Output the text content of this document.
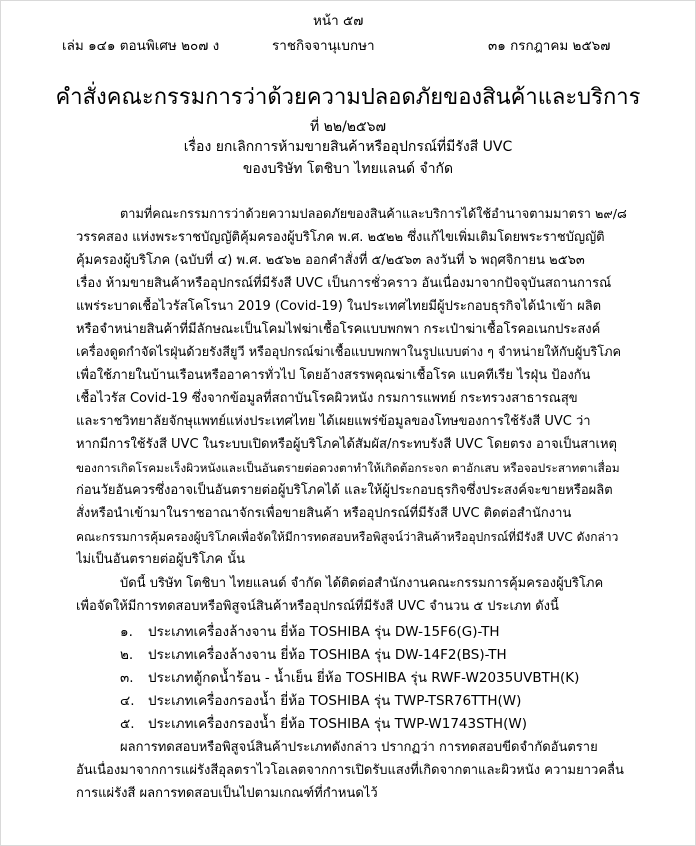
หน้า ๕๗
เล่ม ๑๔๑ ตอนพิเศษ ๒๐๗ ง	ราชกิจจานุเบกษา	๓๑ กรกฎาคม ๒๕๖๗
คำสั่งคณะกรรมการว่าด้วยความปลอดภัยของสินค้าและบริการ
ที่ ๒๒/๒๕๖๗
เรื่อง ยกเลิกการห้ามขายสินค้าหรืออุปกรณ์ที่มีรังสี UVC
ของบริษัท โตชิบา ไทยแลนด์ จำกัด
ตามที่คณะกรรมการว่าด้วยความปลอดภัยของสินค้าและบริการได้ใช้อำนาจตามมาตรา ๒๙/๘
วรรคสอง แห่งพระราชบัญญัติคุ้มครองผู้บริโภค พ.ศ. ๒๕๒๒ ซึ่งแก้ไขเพิ่มเติมโดยพระราชบัญญัติ
คุ้มครองผู้บริโภค (ฉบับที่ ๔) พ.ศ. ๒๕๖๒ ออกคำสั่งที่ ๕/๒๕๖๓ ลงวันที่ ๖ พฤศจิกายน ๒๕๖๓
เรื่อง ห้ามขายสินค้าหรืออุปกรณ์ที่มีรังสี UVC เป็นการชั่วคราว อันเนื่องมาจากปัจจุบันสถานการณ์
แพร่ระบาดเชื้อไวรัสโคโรนา 2019 (Covid-19) ในประเทศไทยมีผู้ประกอบธุรกิจได้นำเข้า ผลิต
หรือจำหน่ายสินค้าที่มีลักษณะเป็นโคมไฟฆ่าเชื้อโรคแบบพกพา กระเป๋าฆ่าเชื้อโรคอเนกประสงค์
เครื่องดูดกำจัดไรฝุ่นด้วยรังสียูวี หรืออุปกรณ์ฆ่าเชื้อแบบพกพาในรูปแบบต่าง ๆ จำหน่ายให้กับผู้บริโภค
เพื่อใช้ภายในบ้านเรือนหรืออาคารทั่วไป โดยอ้างสรรพคุณฆ่าเชื้อโรค แบคทีเรีย ไรฝุ่น ป้องกัน
เชื้อไวรัส Covid-19 ซึ่งจากข้อมูลที่สถาบันโรคผิวหนัง กรมการแพทย์ กระทรวงสาธารณสุข
และราชวิทยาลัยจักษุแพทย์แห่งประเทศไทย ได้เผยแพร่ข้อมูลของโทษของการใช้รังสี UVC ว่า
หากมีการใช้รังสี UVC ในระบบเปิดหรือผู้บริโภคได้สัมผัส/กระทบรังสี UVC โดยตรง อาจเป็นสาเหตุ
ของการเกิดโรคมะเร็งผิวหนังและเป็นอันตรายต่อดวงตาทำให้เกิดต้อกระจก ตาอักเสบ หรือจอประสาทตาเสื่อม
ก่อนวัยอันควรซึ่งอาจเป็นอันตรายต่อผู้บริโภคได้ และให้ผู้ประกอบธุรกิจซึ่งประสงค์จะขายหรือผลิต
สั่งหรือนำเข้ามาในราชอาณาจักรเพื่อขายสินค้า หรืออุปกรณ์ที่มีรังสี UVC ติดต่อสำนักงาน
คณะกรรมการคุ้มครองผู้บริโภคเพื่อจัดให้มีการทดสอบหรือพิสูจน์ว่าสินค้าหรืออุปกรณ์ที่มีรังสี UVC ดังกล่าว
ไม่เป็นอันตรายต่อผู้บริโภค นั้น
บัดนี้ บริษัท โตชิบา ไทยแลนด์ จำกัด ได้ติดต่อสำนักงานคณะกรรมการคุ้มครองผู้บริโภค
เพื่อจัดให้มีการทดสอบหรือพิสูจน์สินค้าหรืออุปกรณ์ที่มีรังสี UVC จำนวน ๕ ประเภท ดังนี้
๑. ประเภทเครื่องล้างจาน ยี่ห้อ TOSHIBA รุ่น DW-15F6(G)-TH
๒. ประเภทเครื่องล้างจาน ยี่ห้อ TOSHIBA รุ่น DW-14F2(BS)-TH
๓. ประเภทตู้กดน้ำร้อน - น้ำเย็น ยี่ห้อ TOSHIBA รุ่น RWF-W2035UVBTH(K)
๔. ประเภทเครื่องกรองน้ำ ยี่ห้อ TOSHIBA รุ่น TWP-TSR76TTH(W)
๕. ประเภทเครื่องกรองน้ำ ยี่ห้อ TOSHIBA รุ่น TWP-W1743STH(W)
ผลการทดสอบหรือพิสูจน์สินค้าประเภทดังกล่าว ปรากฏว่า การทดสอบขีดจำกัดอันตราย
อันเนื่องมาจากการแผ่รังสีอุลตราไวโอเลตจากการเปิดรับแสงที่เกิดจากตาและผิวหนัง ความยาวคลื่น
การแผ่รังสี ผลการทดสอบเป็นไปตามเกณฑ์ที่กำหนดไว้
